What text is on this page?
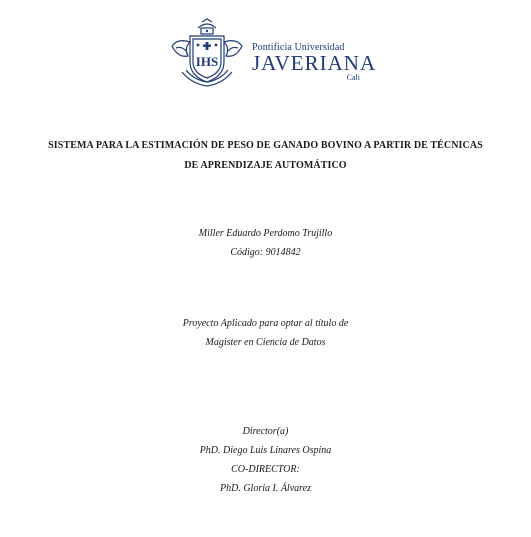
IHS
Pontificia Universidad
JAVERIANA
Cali
SISTEMA PARA LA ESTIMACIÓN DE PESO DE GANADO BOVINO A PARTIR DE TÉCNICAS
DE APRENDIZAJE AUTOMÁTICO
Miller Eduardo Perdomo Trujillo
Código: 9014842
Proyecto Aplicado para optar al título de
Magister en Ciencia de Datos
Director(a)
PhD. Diego Luis Linares Ospina
CO-DIRECTOR:
PhD. Gloria I. Álvarez
